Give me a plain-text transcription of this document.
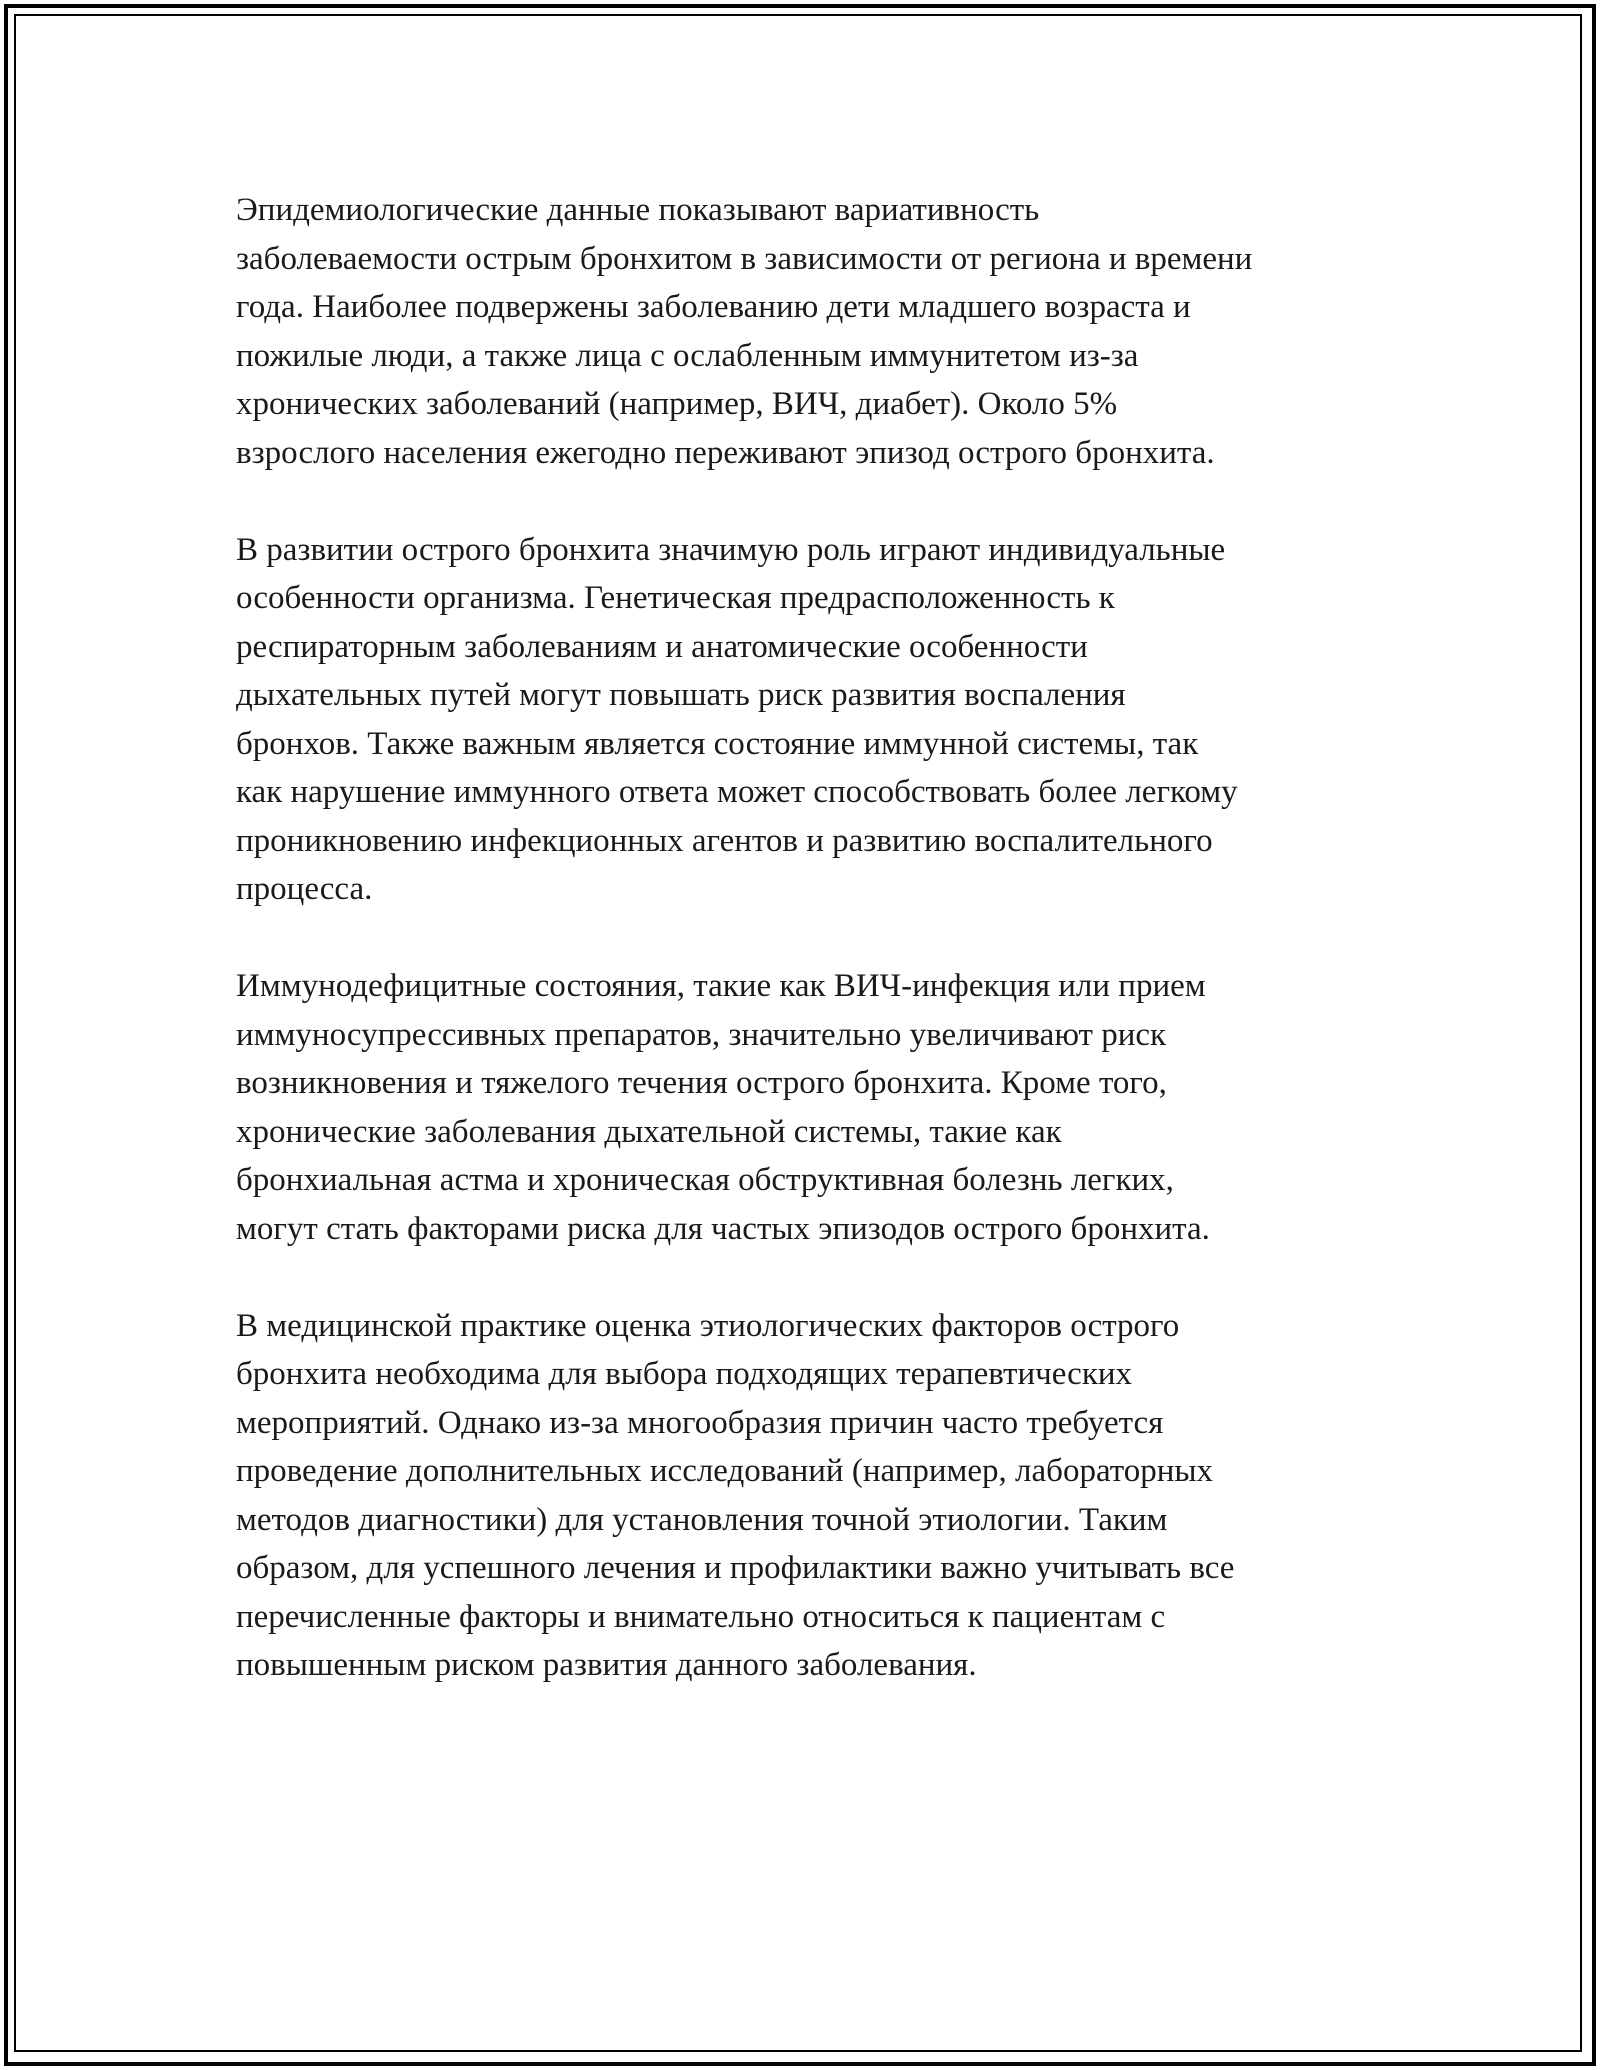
Эпидемиологические данные показывают вариативность
заболеваемости острым бронхитом в зависимости от региона и времени
года. Наиболее подвержены заболеванию дети младшего возраста и
пожилые люди, а также лица с ослабленным иммунитетом из-за
хронических заболеваний (например, ВИЧ, диабет). Около 5%
взрослого населения ежегодно переживают эпизод острого бронхита.

В развитии острого бронхита значимую роль играют индивидуальные
особенности организма. Генетическая предрасположенность к
респираторным заболеваниям и анатомические особенности
дыхательных путей могут повышать риск развития воспаления
бронхов. Также важным является состояние иммунной системы, так
как нарушение иммунного ответа может способствовать более легкому
проникновению инфекционных агентов и развитию воспалительного
процесса.

Иммунодефицитные состояния, такие как ВИЧ-инфекция или прием
иммуносупрессивных препаратов, значительно увеличивают риск
возникновения и тяжелого течения острого бронхита. Кроме того,
хронические заболевания дыхательной системы, такие как
бронхиальная астма и хроническая обструктивная болезнь легких,
могут стать факторами риска для частых эпизодов острого бронхита.

В медицинской практике оценка этиологических факторов острого
бронхита необходима для выбора подходящих терапевтических
мероприятий. Однако из-за многообразия причин часто требуется
проведение дополнительных исследований (например, лабораторных
методов диагностики) для установления точной этиологии. Таким
образом, для успешного лечения и профилактики важно учитывать все
перечисленные факторы и внимательно относиться к пациентам с
повышенным риском развития данного заболевания.
